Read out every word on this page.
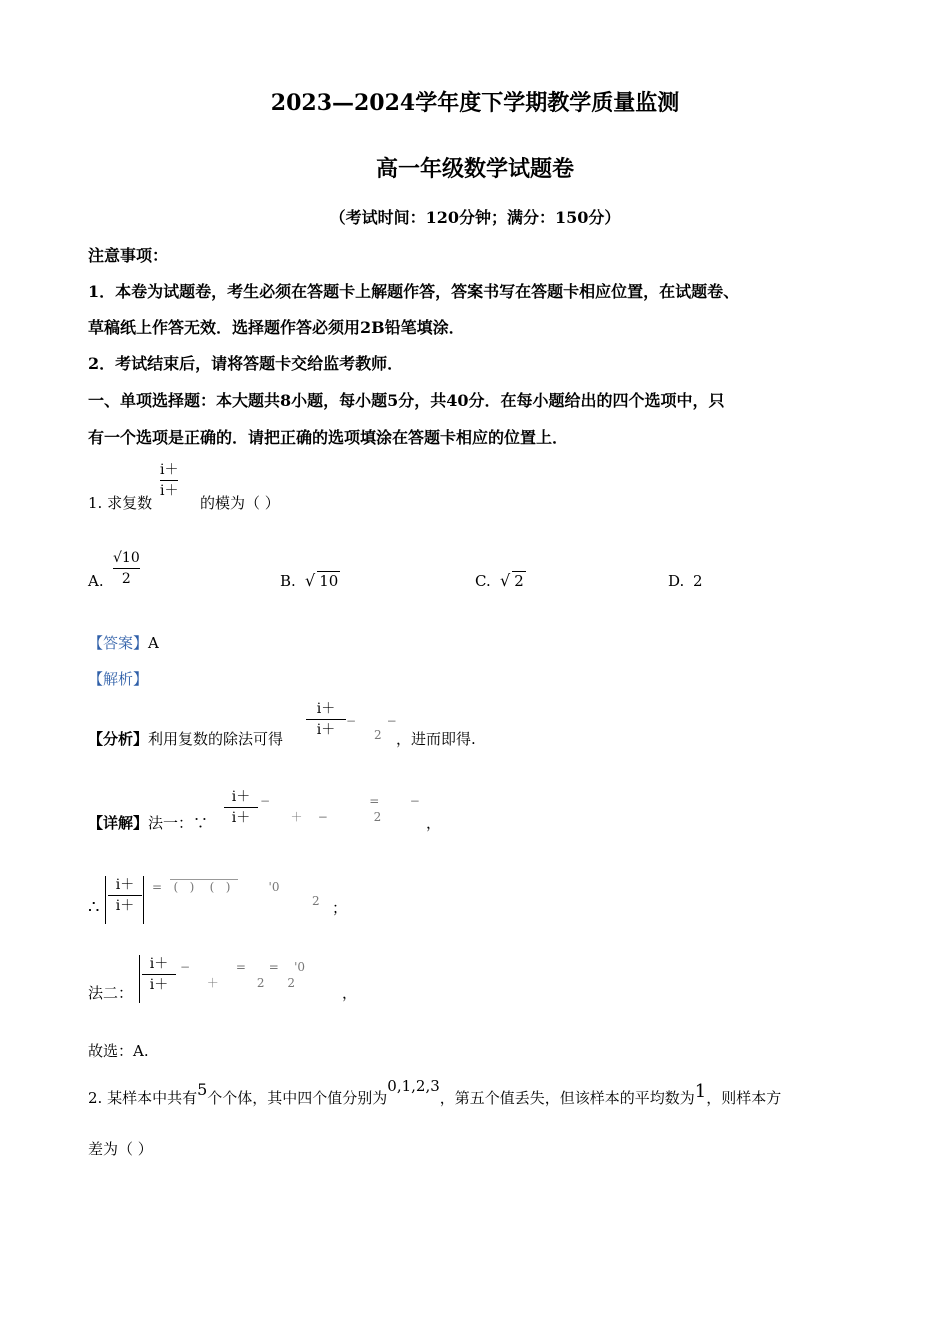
2023—2024学年度下学期教学质量监测
高一年级数学试题卷
（考试时间：120分钟；满分：150分）
注意事项：
1．本卷为试题卷，考生必须在答题卡上解题作答，答案书写在答题卡相应位置，在试题卷、
草稿纸上作答无效．选择题作答必须用2B铅笔填涂．
2．考试结束后，请将答题卡交给监考教师．
一、单项选择题：本大题共8小题，每小题5分，共40分．在每小题给出的四个选项中，只
有一个选项是正确的．请把正确的选项填涂在答题卡相应的位置上．
1. 求复数
i＋
i＋
的模为（ ）
A.
√10
2	B. √ 10	C. √ 2	D. 2
【答案】A
【解析】
【分析】利用复数的除法可得
i＋
i＋
−        −
2 ，进而即得.
【详解】法一：∵
i＋
i＋
−                          =        −
＋    −            2	，
∴
i＋
i＋
=   (   )    (   )          '0
2 ；
法二：
i＋
i＋
−            =      =    '0
＋          2      2
，
故选：A.
2. 某样本中共有5个个体，其中四个值分别为0,1,2,3，第五个值丢失，但该样本的平均数为1，则样本方
差为（ ）
